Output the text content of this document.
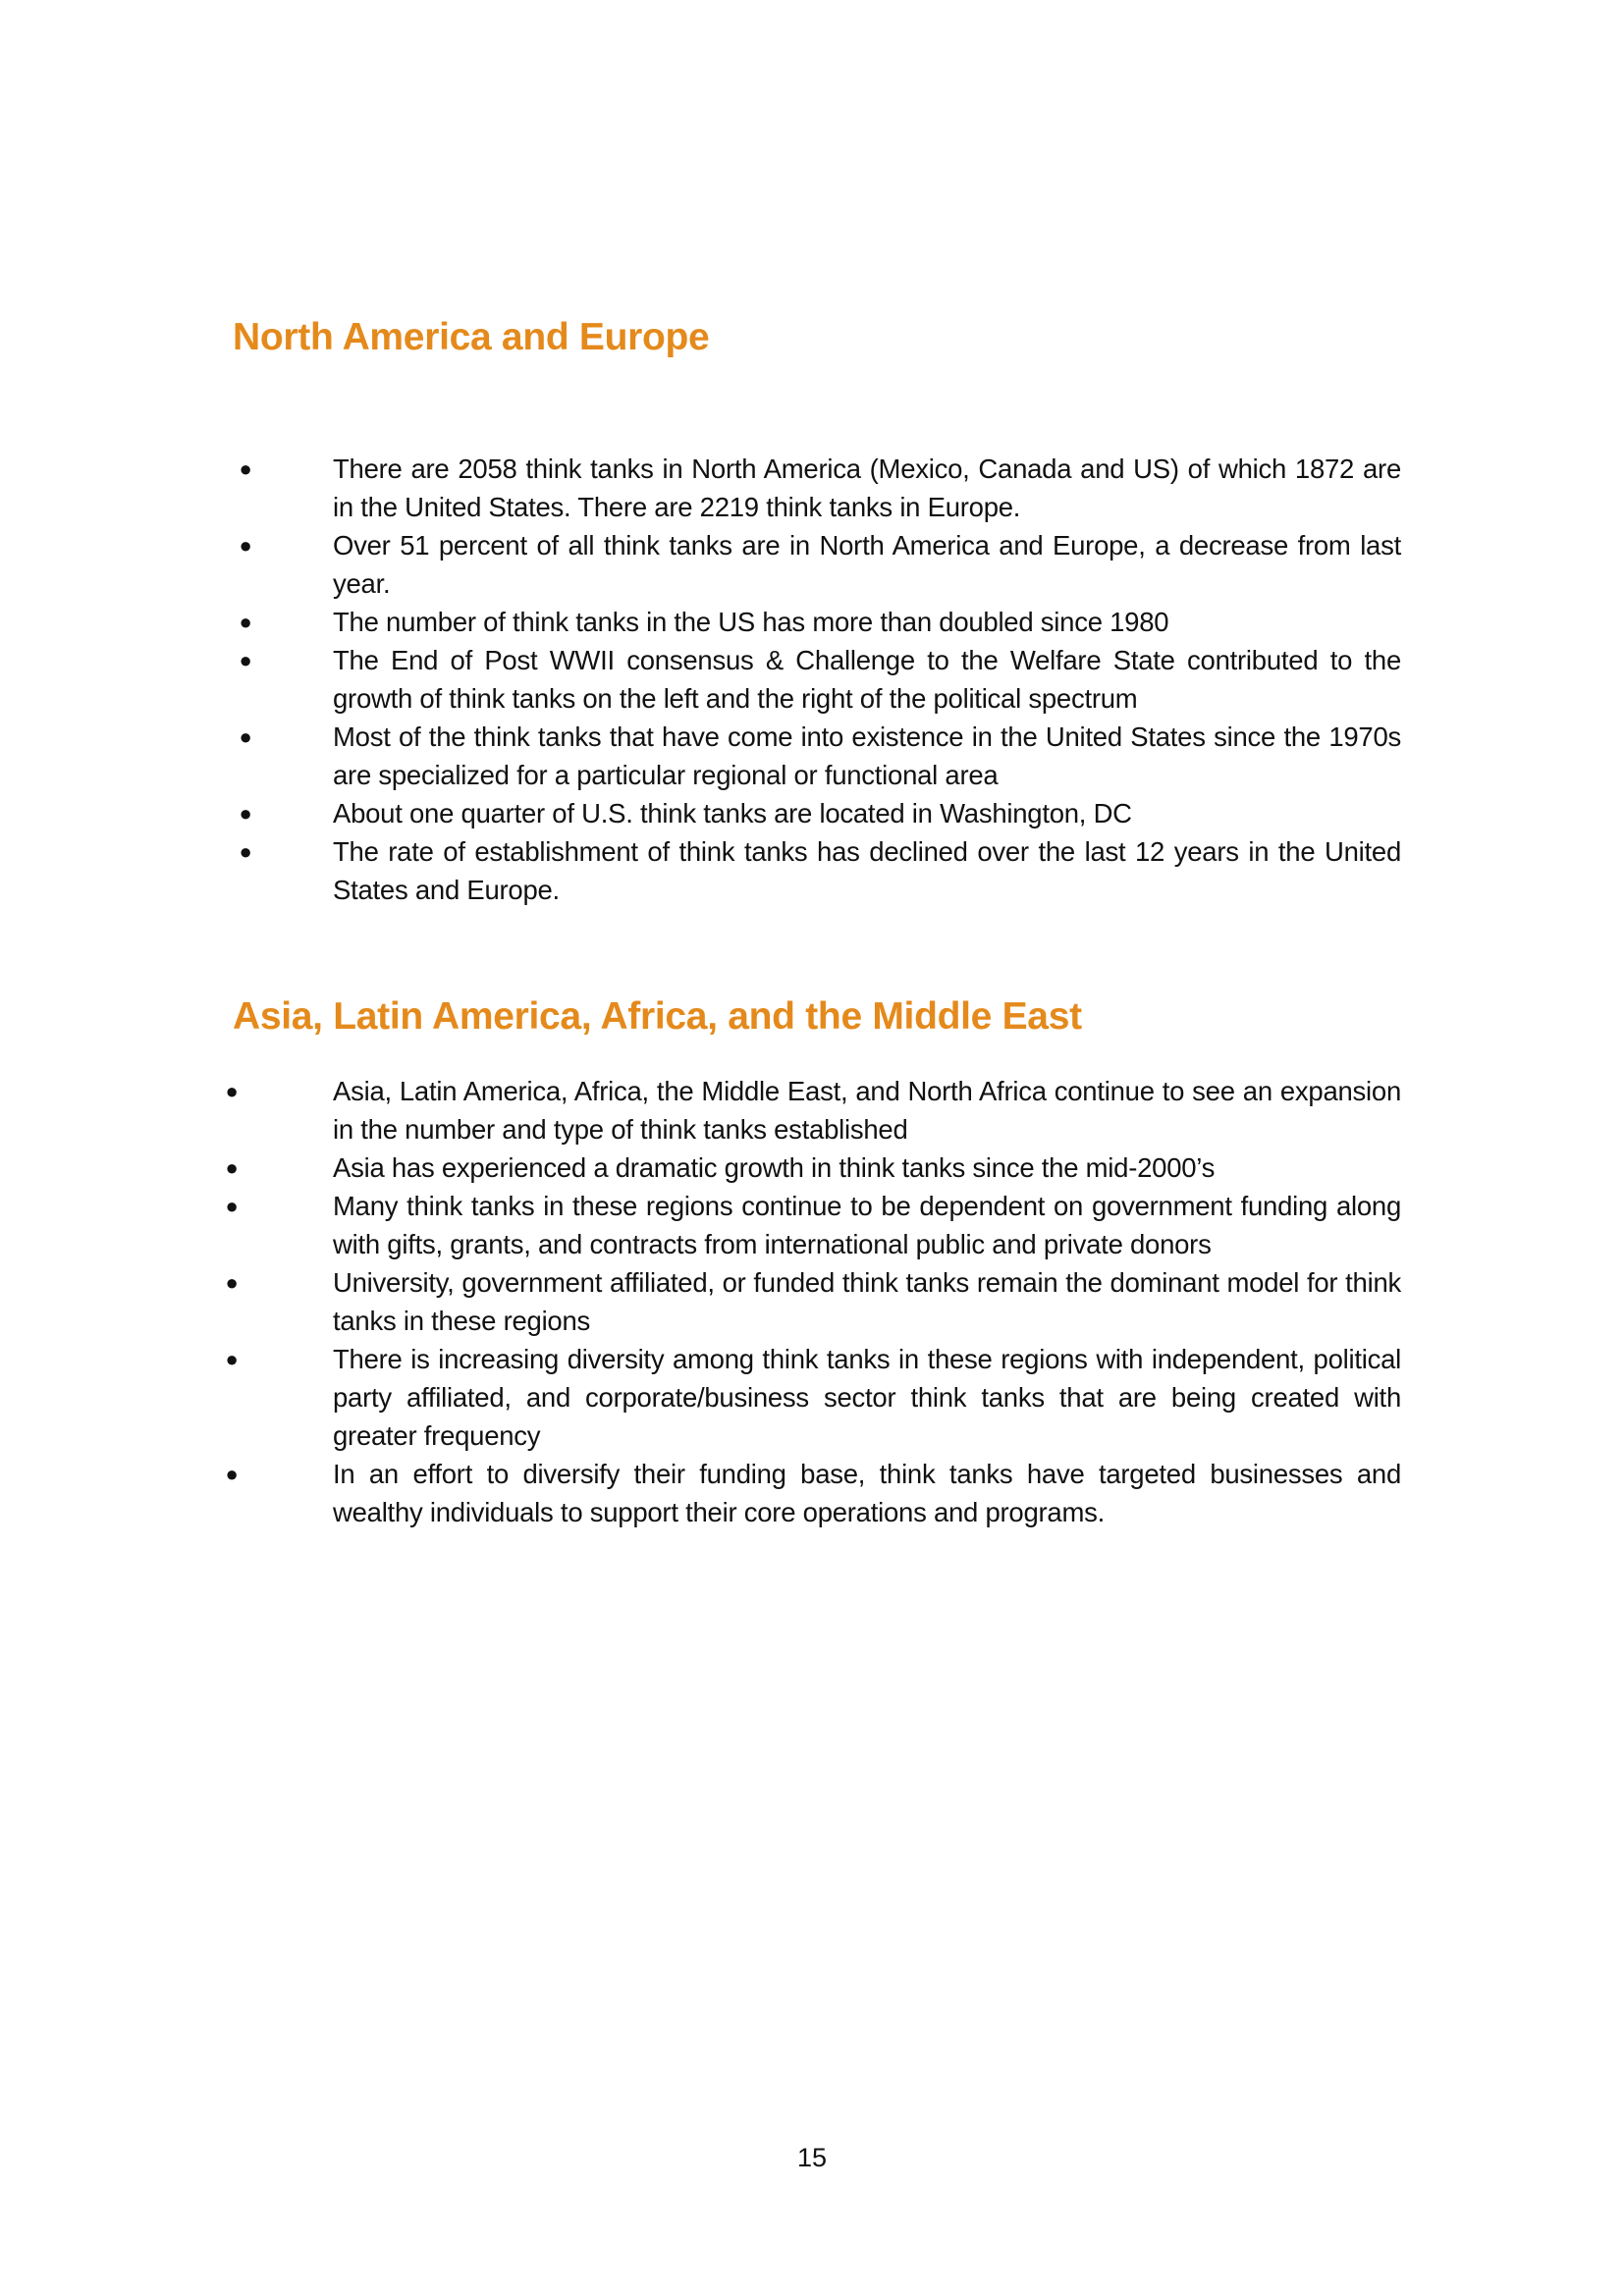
North America and Europe
●	There are 2058 think tanks in North America (Mexico, Canada and US) of which 1872 are in the United States. There are 2219 think tanks in Europe.
●	Over 51 percent of all think tanks are in North America and Europe, a decrease from last year.
●	The number of think tanks in the US has more than doubled since 1980
●	The End of Post WWII consensus & Challenge to the Welfare State contributed to the growth of think tanks on the left and the right of the political spectrum
●	Most of the think tanks that have come into existence in the United States since the 1970s are specialized for a particular regional or functional area
●	About one quarter of U.S. think tanks are located in Washington, DC
●	The rate of establishment of think tanks has declined over the last 12 years in the United States and Europe.
Asia, Latin America, Africa, and the Middle East
●	Asia, Latin America, Africa, the Middle East, and North Africa continue to see an expansion in the number and type of think tanks established
●	Asia has experienced a dramatic growth in think tanks since the mid-2000’s
●	Many think tanks in these regions continue to be dependent on government funding along with gifts, grants, and contracts from international public and private donors
●	University, government affiliated, or funded think tanks remain the dominant model for think tanks in these regions
●	There is increasing diversity among think tanks in these regions with independent, political party affiliated, and corporate/business sector think tanks that are being created with greater frequency
●	In an effort to diversify their funding base, think tanks have targeted businesses and wealthy individuals to support their core operations and programs.
15
